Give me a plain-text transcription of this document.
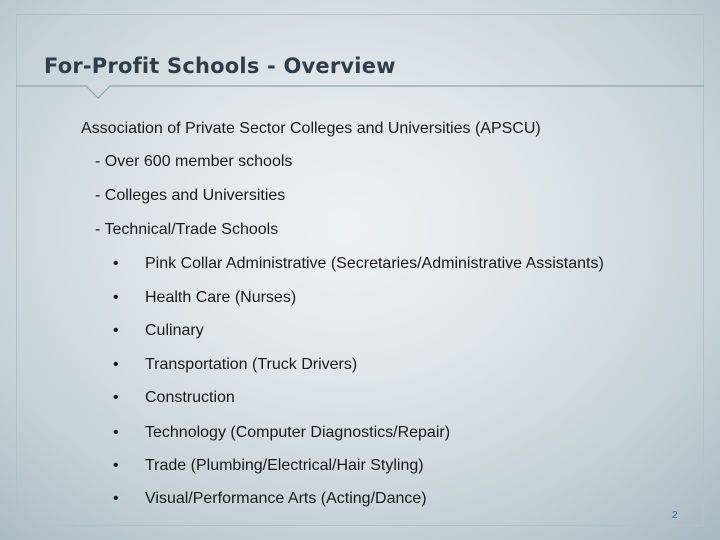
For-Profit Schools - Overview
Association of Private Sector Colleges and Universities (APSCU)
- Over 600 member schools
- Colleges and Universities
- Technical/Trade Schools
• Pink Collar Administrative (Secretaries/Administrative Assistants)
• Health Care (Nurses)
• Culinary
• Transportation (Truck Drivers)
• Construction
• Technology (Computer Diagnostics/Repair)
• Trade (Plumbing/Electrical/Hair Styling)
• Visual/Performance Arts (Acting/Dance)
2
